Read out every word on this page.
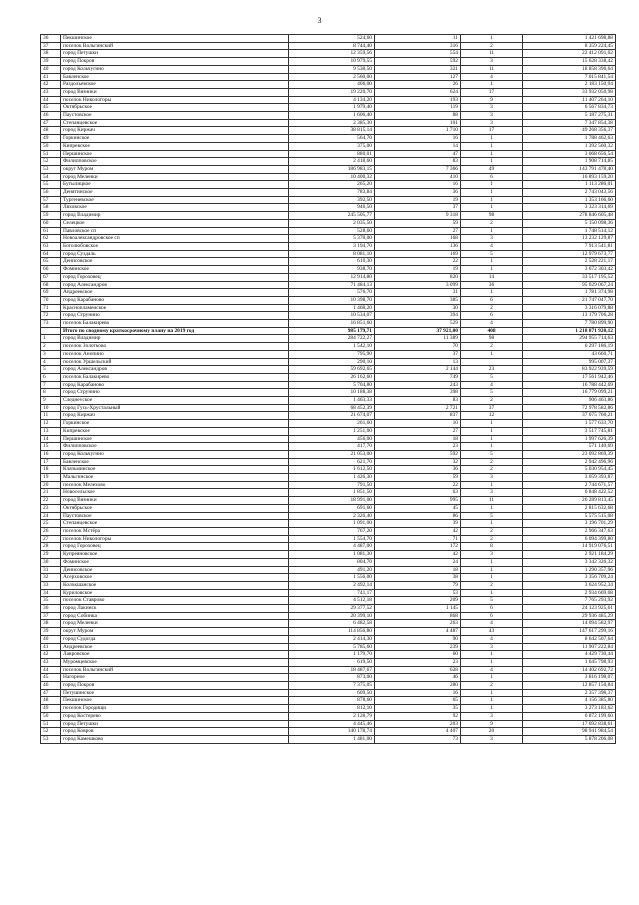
3
36	Пекшинское	524,60	11	1	1 421 698,88
37	поселок Вольгинский	8 744,40	316	2	8 359 224,45
38	город Петушки	12 359,56	554	11	22 412 091,02
39	город Покров	10 979,55	592	3	15 628 338,42
40	город Кольчугино	9 538,50	321	11	18 858 390,64
41	Бавленское	2 560,00	127	4	7 015 841,54
42	Раздольевское	406,00	26	1	2 183 150,94
43	город Вязники	19 220,70	624	17	33 932 050,98
44	поселок Никологоры	4 134,20	193	9	11 407 264,10
45	Октябрьское	1 979,40	119	3	6 567 834,73
46	Паустовское	1 606,40	88	3	5 187 275,31
47	Степанцевское	2 385,30	101	3	7 347 854,38
48	город Киржач	38 815,14	1 710	17	49 268 356,37
49	Горкинское	564,70	16	1	1 788 462,63
50	Кипревское	375,00	14	1	1 392 560,32
51	Першинское	880,01	47	1	3 068 656,54
52	Филипповское	2 418,60	83	1	1 908 714,85
53	округ Муром	186 983,15	7 366	49	143 791 478,40
54	город Меленки	10 400,32	410	6	16 893 159,20
55	Бутылицкое	265,20	16	1	1 113 286,01
56	Денятинское	783,84	36	1	2 743 043,56
57	Тургеневское	392,50	19	1	1 353 166,60
58	Ляховское	940,50	37	1	3 323 314,69
59	город Владимир	245 505,77	9 318	98	278 846 605,48
60	Селецкое	2 035,50	59	2	5 150 098,36
61	Павловское сп	528,60	27	1	1 748 514,12
62	Новоалександровское сп	5 378,00	168	3	13 232 129,87
63	Боголюбовское	3 194,70	136	4	7 913 541,81
64	город Суздаль	8 081,10	169	5	12 979 673,77
65	Денисовское	610,30	22	1	2 528 221,17
66	Фоминское	938,70	19	1	3 672 303,42
67	город Гороховец	12 914,80	820	14	33 517 195,52
68	город Александров	71 484,13	3 099	36	95 029 067,24
69	Андреевское	576,70	31	1	1 781 374,98
70	город Карабаново	10 398,70	385	6	21 747 047,70
71	Краснопламенское	1 468,20	30	2	3 316 079,88
72	город Струнино	10 534,07	394	6	13 179 706,28
73	поселок Балакирево	16 851,60	529	4	7 780 899,90
	Итого по сводному краткосрочному плану на 2019 год	985 179,71	37 921,00	408	1 218 871 920,12
1	город Владимир	284 722,27	11 389	98	294 955 714,63
2	поселок Золотково	1 542,10	70	2	6 297 186,19
3	поселок Анопино	795,90	37	1	43 660,71
4	поселок Уршельский	290,10	13		995 007,37
5	город Александров	59 692,65	2 144	23	83 922 939,59
6	поселок Балакирево	26 162,60	749	5	17 561 942,46
7	город Карабаново	5 704,80	243	4	16 788 442,69
8	город Струнино	10 188,38	398	5	16 779 099,21
9	Следнevское	1 463,33	83	2	906 463,86
10	город Гусь-Хрустальный	68 452,39	2 721	37	72 978 582,86
11	город Киржач	21 674,07	837	12	37 075 760,21
12	Горкинское	261,60	10	1	1 577 633,70
13	Кипревское	1 251,00	27	1	3 517 745,81
14	Першинское	456,00	18	1	1 997 626,39
15	Филипповское	417,70	23	1	571 140,69
16	город Кольчугино	21 053,00	592	5	23 092 869,39
17	Бавленское	621,70	32	2	2 942 496,96
18	Клязьминское	1 612,50	36	2	5 030 954,45
19	Мальгинское	1 426,30	59	3	3 059 393,87
20	поселок Мелехово	791,50	22	1	2 744 671,57
21	Новосельское	1 851,50	63	3	6 848 422,52
22	город Вязники	18 991,00	995	11	26 289 813,45
23	Октябрьское	691,60	45	1	2 815 632,68
24	Паустовское	2 326,40	86	5	5 575 515,08
25	Степанцевское	1 091,00	39	1	3 196 701,29
26	поселок Мстёра	767,20	42	2	2 966 347,63
27	поселок Никологоры	1 554,70	71	2	6 094 399,80
28	город Гороховец	4 487,00	172	8	14 919 076,51
29	Купреяновское	1 081,30	42	3	2 921 184,29
30	Фоминское	804,70	24	1	3 342 326,32
31	Денисовское	491,20	18	1	1 290 357,96
32	Асерховское	1 556,00	38	1	3 356 709,24
33	Колокшанское	2 492,14	79	2	3 624 952,34
34	Куриловское	741,17	53	1	2 934 669,08
35	поселок Ставрово	4 512,18	209	5	7 765 293,92
36	город Лакинск	29 377,52	1 145	6	24 123 925,61
37	город Собинка	20 399,10	868	6	29 936 485,29
38	город Меленки	6 482,58	263	4	14 094 582,97
39	округ Муром	114 856,80	4 487	43	147 617 299,16
40	город Судогда	2 414,30	90	4	8 642 507,64
41	Андреевское	5 785,60	239	3	11 907 222,84
42	Лавровское	1 179,70	60	1	4 429 730,44
43	Муромцевское	619,50	23	1	1 645 798,93
44	поселок Вольгинский	18 487,67	628	4	14 402 692,72
45	Нагорное	873,00	46	1	3 816 198,07
46	город Покров	7 375,05	280	2	12 857 150,84
47	Петушинское	609,50	16	1	2 357 398,37
48	Пекшинское	878,60	65	1	4 156 385,80
49	поселок Городищи	812,10	35	1	3 273 183,62
50	город Костерево	2 128,79	92	3	6 872 199,60
51	город Петушки	4 445,46	203	9	17 692 838,61
52	город Ковров	140 178,74	4 407	20	98 941 984,54
53	город Камешково	1 481,00	73	3	5 878 206,08
